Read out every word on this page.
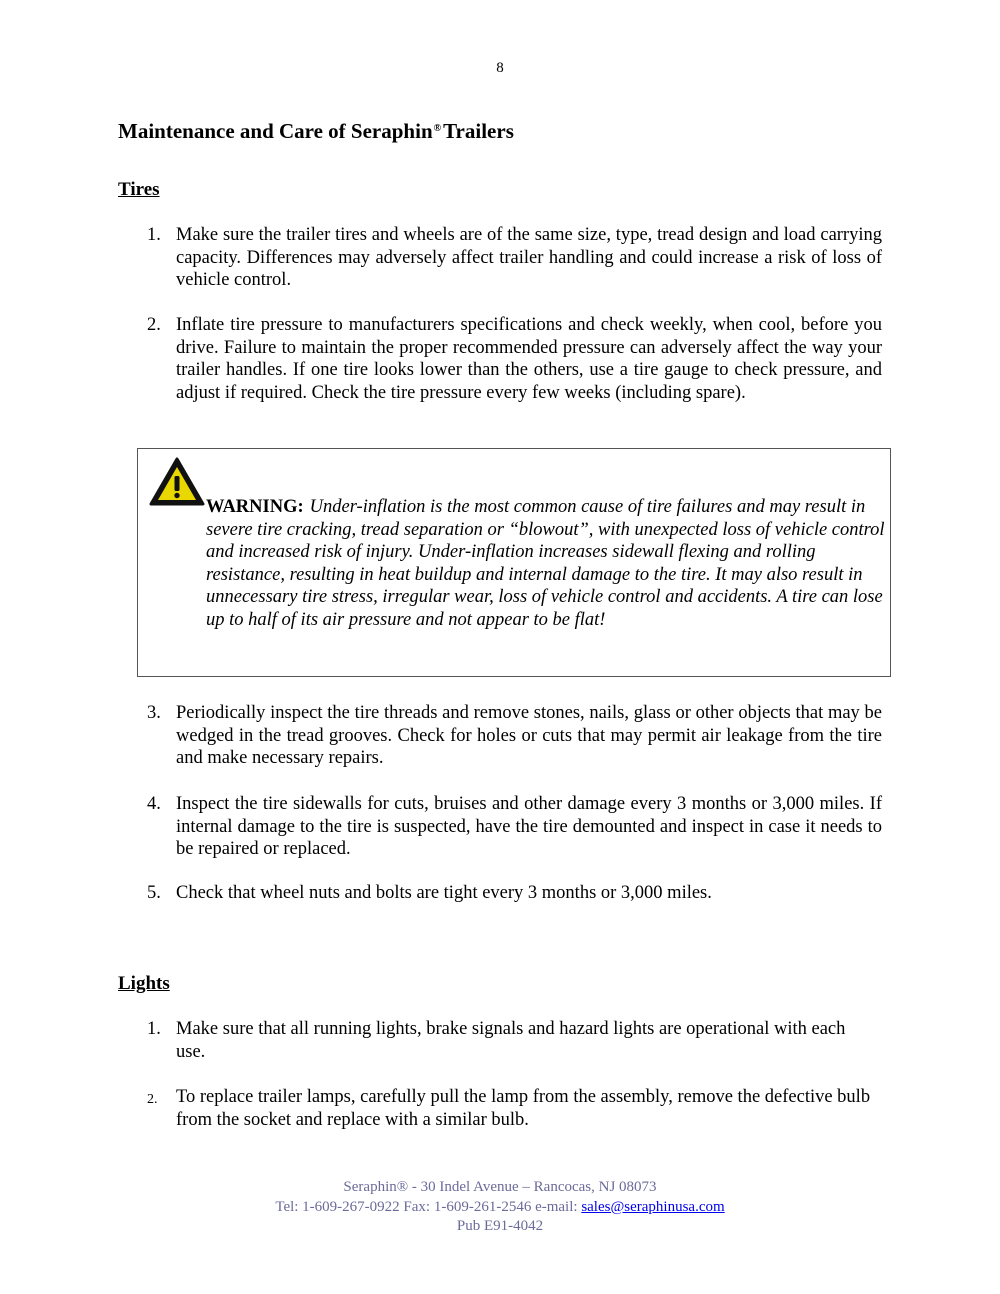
8
Maintenance and Care of Seraphin®Trailers
Tires
1. Make sure the trailer tires and wheels are of the same size, type, tread design and load carrying capacity. Differences may adversely affect trailer handling and could increase a risk of loss of vehicle control.
2. Inflate tire pressure to manufacturers specifications and check weekly, when cool, before you drive. Failure to maintain the proper recommended pressure can adversely affect the way your trailer handles. If one tire looks lower than the others, use a tire gauge to check pressure, and adjust if required. Check the tire pressure every few weeks (including spare).
WARNING: Under-inflation is the most common cause of tire failures and may result in severe tire cracking, tread separation or “blowout”, with unexpected loss of vehicle control and increased risk of injury. Under-inflation increases sidewall flexing and rolling resistance, resulting in heat buildup and internal damage to the tire. It may also result in unnecessary tire stress, irregular wear, loss of vehicle control and accidents. A tire can lose up to half of its air pressure and not appear to be flat!
3. Periodically inspect the tire threads and remove stones, nails, glass or other objects that may be wedged in the tread grooves. Check for holes or cuts that may permit air leakage from the tire and make necessary repairs.
4. Inspect the tire sidewalls for cuts, bruises and other damage every 3 months or 3,000 miles. If internal damage to the tire is suspected, have the tire demounted and inspect in case it needs to be repaired or replaced.
5. Check that wheel nuts and bolts are tight every 3 months or 3,000 miles.
Lights
1. Make sure that all running lights, brake signals and hazard lights are operational with each use.
2. To replace trailer lamps, carefully pull the lamp from the assembly, remove the defective bulb from the socket and replace with a similar bulb.
Seraphin® - 30 Indel Avenue – Rancocas, NJ 08073
Tel: 1-609-267-0922 Fax: 1-609-261-2546 e-mail: sales@seraphinusa.com
Pub E91-4042
